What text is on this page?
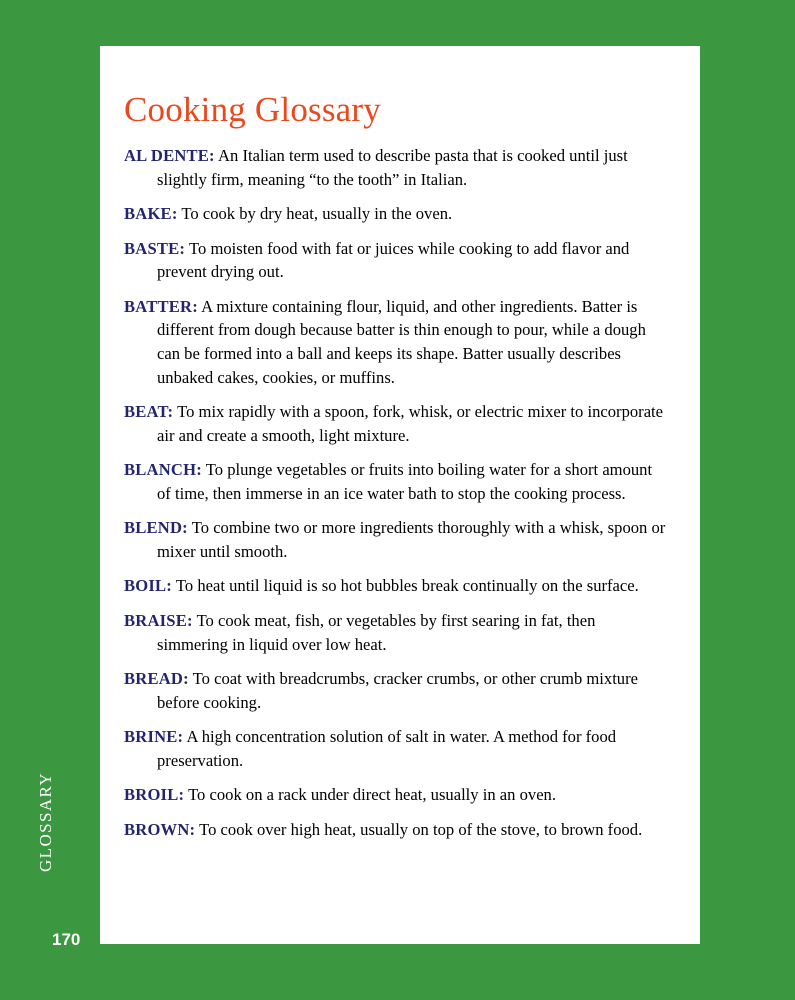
GLOSSARY
170
Cooking Glossary
AL DENTE: An Italian term used to describe pasta that is cooked until just slightly firm, meaning “to the tooth” in Italian.
BAKE: To cook by dry heat, usually in the oven.
BASTE: To moisten food with fat or juices while cooking to add flavor and prevent drying out.
BATTER: A mixture containing flour, liquid, and other ingredients. Batter is different from dough because batter is thin enough to pour, while a dough can be formed into a ball and keeps its shape. Batter usually describes unbaked cakes, cookies, or muffins.
BEAT: To mix rapidly with a spoon, fork, whisk, or electric mixer to incorporate air and create a smooth, light mixture.
BLANCH: To plunge vegetables or fruits into boiling water for a short amount of time, then immerse in an ice water bath to stop the cooking process.
BLEND: To combine two or more ingredients thoroughly with a whisk, spoon or mixer until smooth.
BOIL: To heat until liquid is so hot bubbles break continually on the surface.
BRAISE: To cook meat, fish, or vegetables by first searing in fat, then simmering in liquid over low heat.
BREAD: To coat with breadcrumbs, cracker crumbs, or other crumb mixture before cooking.
BRINE: A high concentration solution of salt in water. A method for food preservation.
BROIL: To cook on a rack under direct heat, usually in an oven.
BROWN: To cook over high heat, usually on top of the stove, to brown food.
